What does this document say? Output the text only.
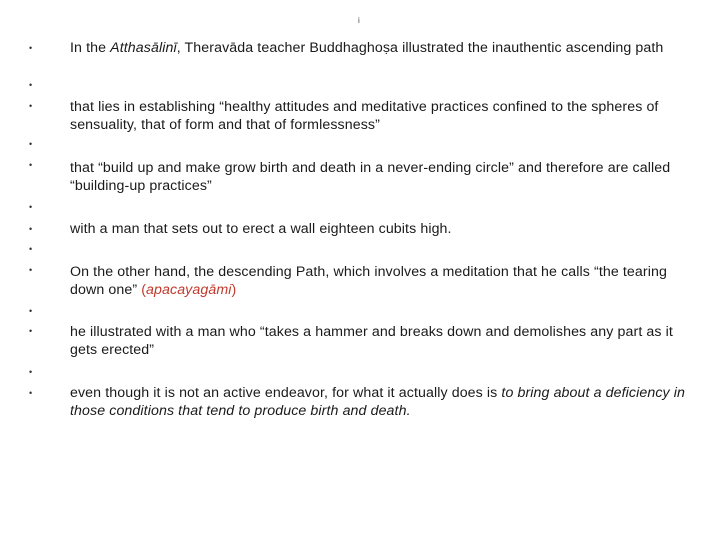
i
•
•
•
•
•
•
•
•
•
•
•
•
•
In the Atthasālinī, Theravāda teacher Buddhaghoṣa illustrated the inauthentic ascending path
that lies in establishing “healthy attitudes and meditative practices confined to the spheres of sensuality, that of form and that of formlessness”
that “build up and make grow birth and death in a never-ending circle” and therefore are called “building-up practices”
with a man that sets out to erect a wall eighteen cubits high.
On the other hand, the descending Path, which involves a meditation that he calls “the tearing down one” (apacayagāmi)
he illustrated with a man who “takes a hammer and breaks down and demolishes any part as it gets erected”
even though it is not an active endeavor, for what it actually does is to bring about a deficiency in those conditions that tend to produce birth and death.
